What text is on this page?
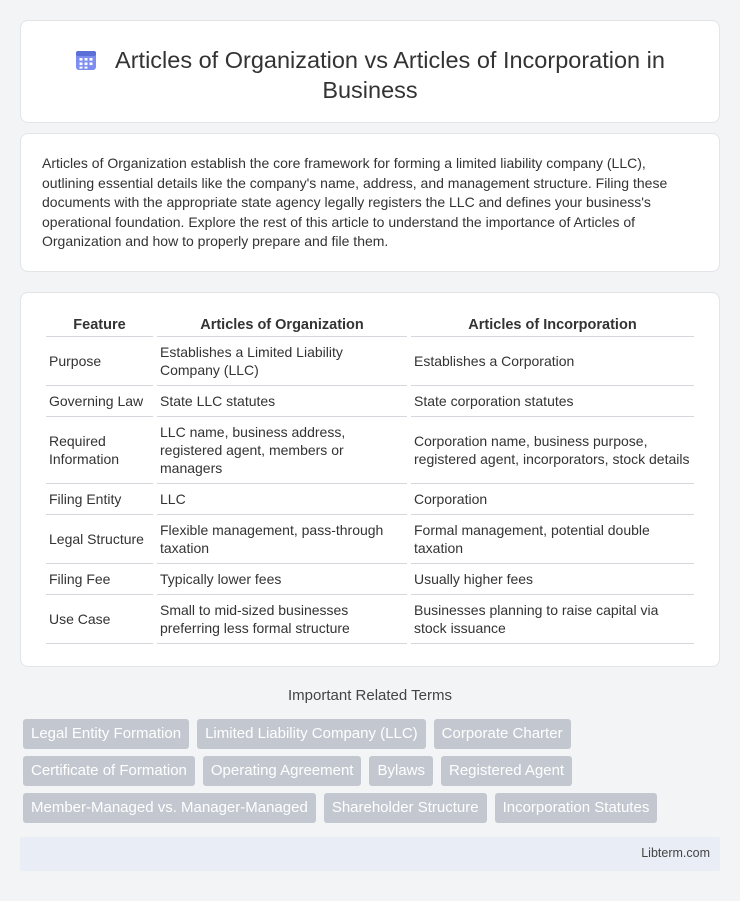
Articles of Organization vs Articles of Incorporation in Business

Articles of Organization establish the core framework for forming a limited liability company (LLC), outlining essential details like the company's name, address, and management structure. Filing these documents with the appropriate state agency legally registers the LLC and defines your business's operational foundation. Explore the rest of this article to understand the importance of Articles of Organization and how to properly prepare and file them.

Feature	Articles of Organization	Articles of Incorporation
Purpose	Establishes a Limited Liability Company (LLC)	Establishes a Corporation
Governing Law	State LLC statutes	State corporation statutes
Required Information	LLC name, business address, registered agent, members or managers	Corporation name, business purpose, registered agent, incorporators, stock details
Filing Entity	LLC	Corporation
Legal Structure	Flexible management, pass-through taxation	Formal management, potential double taxation
Filing Fee	Typically lower fees	Usually higher fees
Use Case	Small to mid-sized businesses preferring less formal structure	Businesses planning to raise capital via stock issuance
Important Related Terms
Legal Entity Formation	Limited Liability Company (LLC)	Corporate Charter
Certificate of Formation	Operating Agreement	Bylaws	Registered Agent
Member-Managed vs. Manager-Managed	Shareholder Structure	Incorporation Statutes
Libterm.com
